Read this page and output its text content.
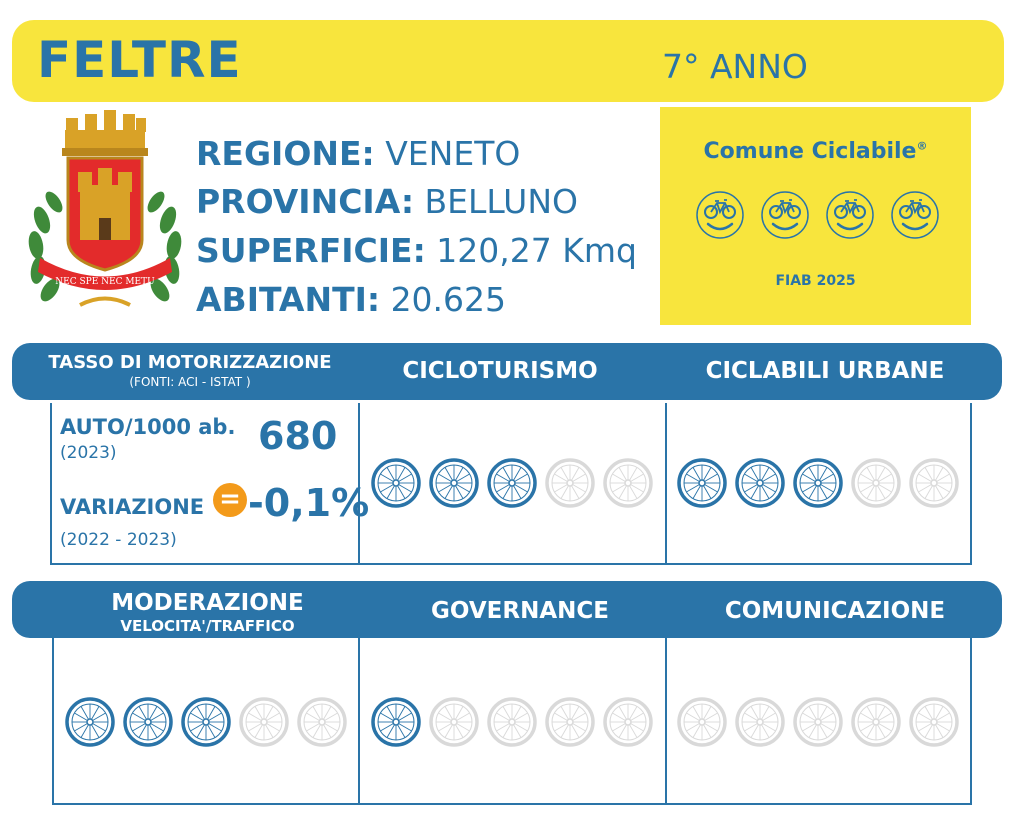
FELTRE	7° ANNO
NEC SPE NEC METU
REGIONE: VENETO
PROVINCIA: BELLUNO
SUPERFICIE: 120,27 Kmq
ABITANTI: 20.625
Comune Ciclabile®
FIAB 2025
TASSO DI MOTORIZZAZIONE
(FONTI: ACI - ISTAT )	CICLOTURISMO	CICLABILI URBANE
AUTO/1000 ab.
(2023)	680
VARIAZIONE = -0,1%
(2022 - 2023)
MODERAZIONE
VELOCITA'/TRAFFICO
GOVERNANCE	COMUNICAZIONE
